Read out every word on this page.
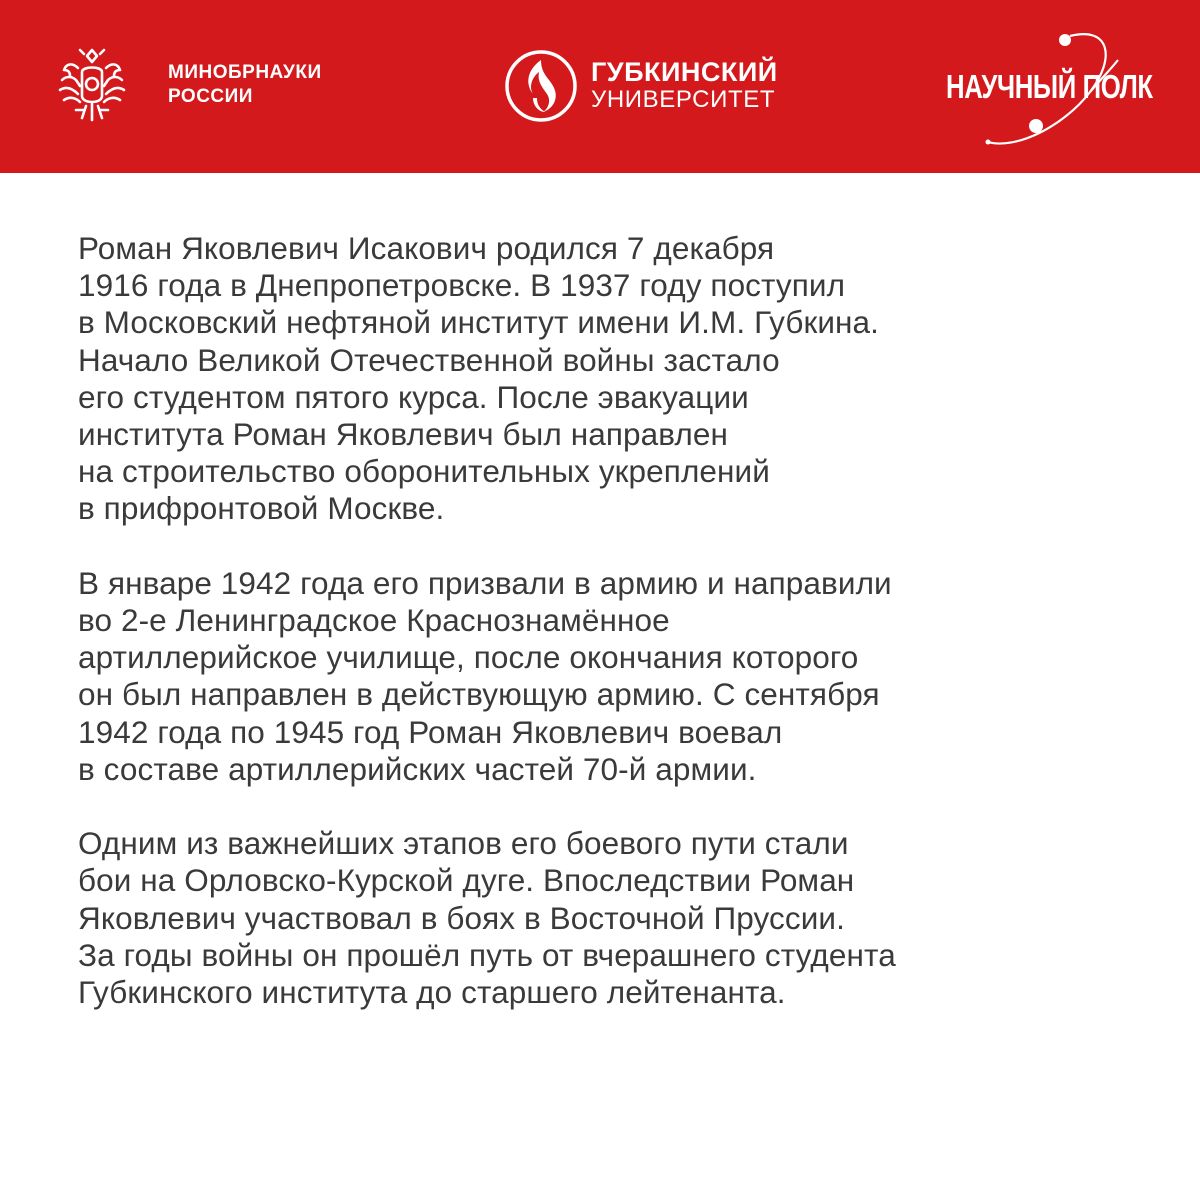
МИНОБРНАУКИ
РОССИИ
ГУБКИНСКИЙ
УНИВЕРСИТЕТ	НАУЧНЫЙ ПОЛК
Роман Яковлевич Исакович родился 7 декабря
1916 года в Днепропетровске. В 1937 году поступил
в Московский нефтяной институт имени И.М. Губкина.
Начало Великой Отечественной войны застало
его студентом пятого курса. После эвакуации
института Роман Яковлевич был направлен
на строительство оборонительных укреплений
в прифронтовой Москве.
В январе 1942 года его призвали в армию и направили
во 2-е Ленинградское Краснознамённое
артиллерийское училище, после окончания которого
он был направлен в действующую армию. С сентября
1942 года по 1945 год Роман Яковлевич воевал
в составе артиллерийских частей 70-й армии.
Одним из важнейших этапов его боевого пути стали
бои на Орловско-Курской дуге. Впоследствии Роман
Яковлевич участвовал в боях в Восточной Пруссии.
За годы войны он прошёл путь от вчерашнего студента
Губкинского института до старшего лейтенанта.
